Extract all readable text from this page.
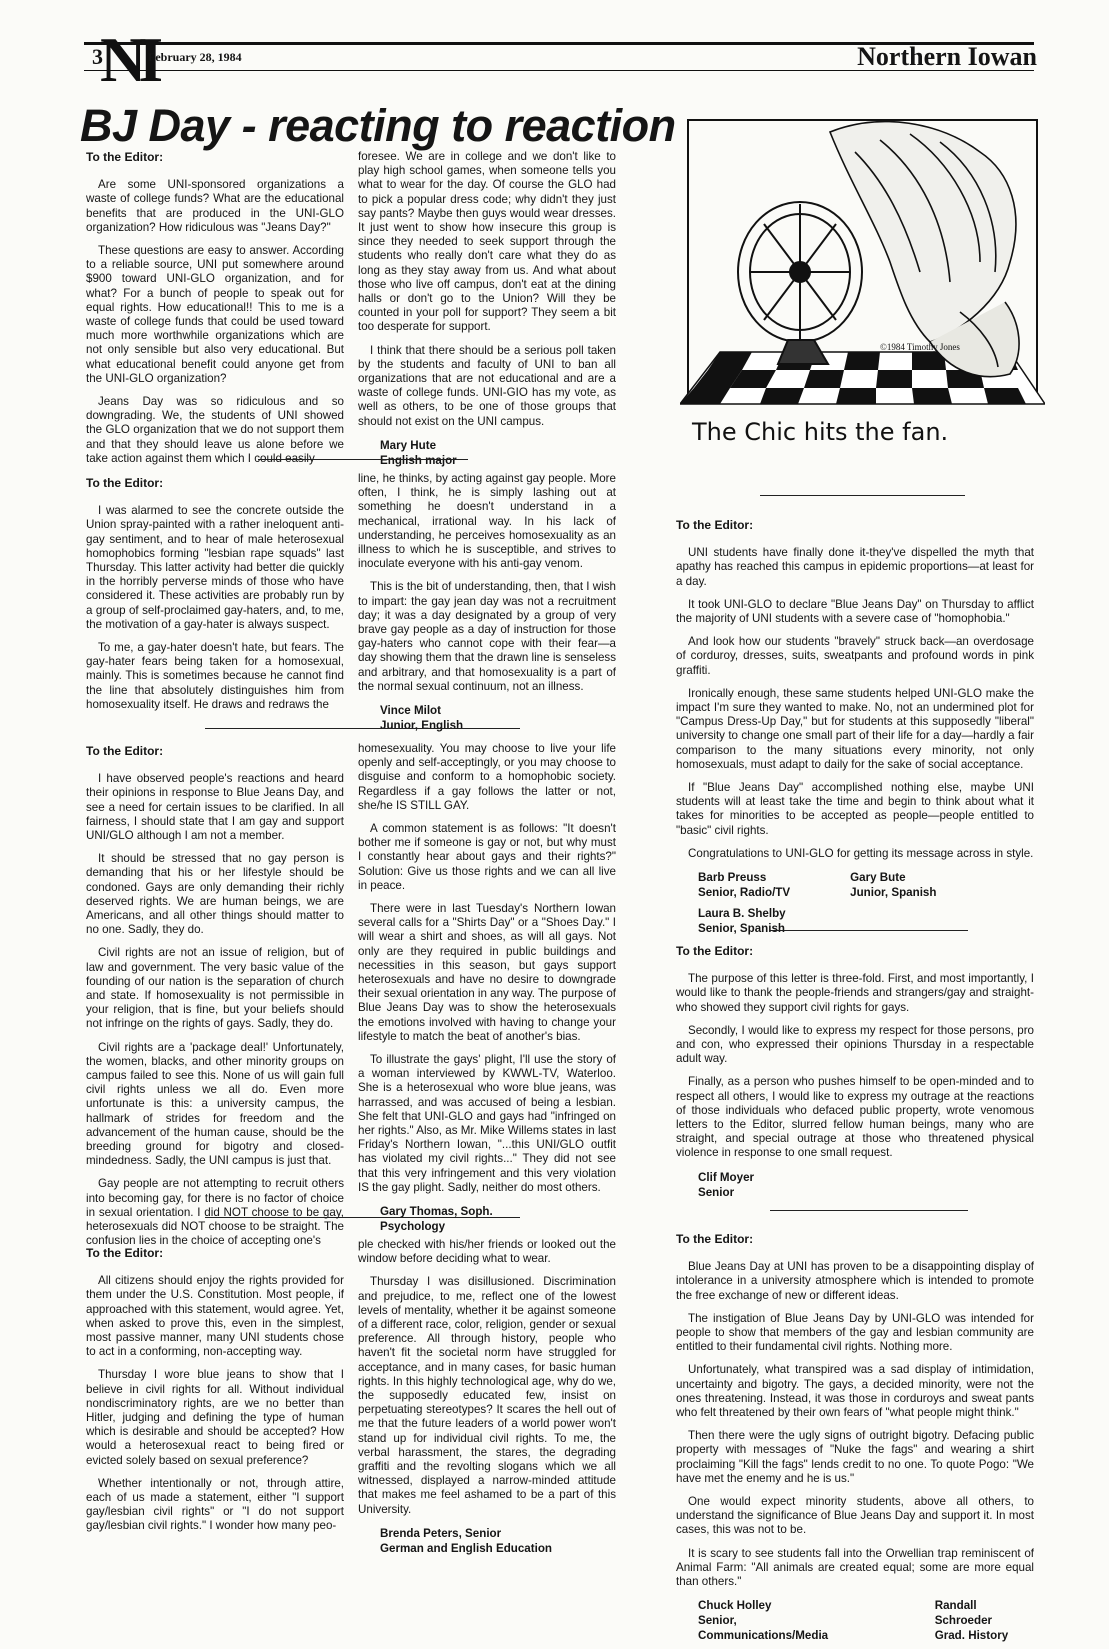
NI
3	February 28, 1984	Northern Iowan
BJ Day - reacting to reaction
©1984 Timothy Jones
The Chic hits the fan.
To the Editor:

Are some UNI-sponsored organizations a waste of college funds? What are the educational benefits that are produced in the UNI-GLO organization? How ridiculous was "Jeans Day?"

These questions are easy to answer. According to a reliable source, UNI put somewhere around $900 toward UNI-GLO organization, and for what? For a bunch of people to speak out for equal rights. How educational!! This to me is a waste of college funds that could be used toward much more worthwhile organizations which are not only sensible but also very educational. But what educational benefit could anyone get from the UNI-GLO organization?

Jeans Day was so ridiculous and so downgrading. We, the students of UNI showed the GLO organization that we do not support them and that they should leave us alone before we take action against them which I could easily

foresee. We are in college and we don't like to play high school games, when someone tells you what to wear for the day. Of course the GLO had to pick a popular dress code; why didn't they just say pants? Maybe then guys would wear dresses. It just went to show how insecure this group is since they needed to seek support through the students who really don't care what they do as long as they stay away from us. And what about those who live off campus, don't eat at the dining halls or don't go to the Union? Will they be counted in your poll for support? They seem a bit too desperate for support.

I think that there should be a serious poll taken by the students and faculty of UNI to ban all organizations that are not educational and are a waste of college funds. UNI-GIO has my vote, as well as others, to be one of those groups that should not exist on the UNI campus.

Mary Hute
English major
To the Editor:

I was alarmed to see the concrete outside the Union spray-painted with a rather ineloquent anti-gay sentiment, and to hear of male heterosexual homophobics forming "lesbian rape squads" last Thursday. This latter activity had better die quickly in the horribly perverse minds of those who have considered it. These activities are probably run by a group of self-proclaimed gay-haters, and, to me, the motivation of a gay-hater is always suspect.

To me, a gay-hater doesn't hate, but fears. The gay-hater fears being taken for a homosexual, mainly. This is sometimes because he cannot find the line that absolutely distinguishes him from homosexuality itself. He draws and redraws the

line, he thinks, by acting against gay people. More often, I think, he is simply lashing out at something he doesn't understand in a mechanical, irrational way. In his lack of understanding, he perceives homosexuality as an illness to which he is susceptible, and strives to inoculate everyone with his anti-gay venom.

This is the bit of understanding, then, that I wish to impart: the gay jean day was not a recruitment day; it was a day designated by a group of very brave gay people as a day of instruction for those gay-haters who cannot cope with their fear—a day showing them that the drawn line is senseless and arbitrary, and that homosexuality is a part of the normal sexual continuum, not an illness.

Vince Milot
Junior, English
To the Editor:

I have observed people's reactions and heard their opinions in response to Blue Jeans Day, and see a need for certain issues to be clarified. In all fairness, I should state that I am gay and support UNI/GLO although I am not a member.

It should be stressed that no gay person is demanding that his or her lifestyle should be condoned. Gays are only demanding their richly deserved rights. We are human beings, we are Americans, and all other things should matter to no one. Sadly, they do.

Civil rights are not an issue of religion, but of law and government. The very basic value of the founding of our nation is the separation of church and state. If homosexuality is not permissible in your religion, that is fine, but your beliefs should not infringe on the rights of gays. Sadly, they do.

Civil rights are a 'package deal!' Unfortunately, the women, blacks, and other minority groups on campus failed to see this. None of us will gain full civil rights unless we all do. Even more unfortunate is this: a university campus, the hallmark of strides for freedom and the advancement of the human cause, should be the breeding ground for bigotry and closed-mindedness. Sadly, the UNI campus is just that.

Gay people are not attempting to recruit others into becoming gay, for there is no factor of choice in sexual orientation. I did NOT choose to be gay, heterosexuals did NOT choose to be straight. The confusion lies in the choice of accepting one's

homesexuality. You may choose to live your life openly and self-acceptingly, or you may choose to disguise and conform to a homophobic society. Regardless if a gay follows the latter or not, she/he IS STILL GAY.

A common statement is as follows: "It doesn't bother me if someone is gay or not, but why must I constantly hear about gays and their rights?" Solution: Give us those rights and we can all live in peace.

There were in last Tuesday's Northern Iowan several calls for a "Shirts Day" or a "Shoes Day." I will wear a shirt and shoes, as will all gays. Not only are they required in public buildings and necessities in this season, but gays support heterosexuals and have no desire to downgrade their sexual orientation in any way. The purpose of Blue Jeans Day was to show the heterosexuals the emotions involved with having to change your lifestyle to match the beat of another's bias.

To illustrate the gays' plight, I'll use the story of a woman interviewed by KWWL-TV, Waterloo. She is a heterosexual who wore blue jeans, was harrassed, and was accused of being a lesbian. She felt that UNI-GLO and gays had "infringed on her rights." Also, as Mr. Mike Willems states in last Friday's Northern Iowan, "...this UNI/GLO outfit has violated my civil rights..." They did not see that this very infringement and this very violation IS the gay plight. Sadly, neither do most others.

Gary Thomas, Soph.
Psychology
To the Editor:

All citizens should enjoy the rights provided for them under the U.S. Constitution. Most people, if approached with this statement, would agree. Yet, when asked to prove this, even in the simplest, most passive manner, many UNI students chose to act in a conforming, non-accepting way.

Thursday I wore blue jeans to show that I believe in civil rights for all. Without individual nondiscriminatory rights, are we no better than Hitler, judging and defining the type of human which is desirable and should be accepted? How would a heterosexual react to being fired or evicted solely based on sexual preference?

Whether intentionally or not, through attire, each of us made a statement, either "I support gay/lesbian civil rights" or "I do not support gay/lesbian civil rights." I wonder how many peo-

ple checked with his/her friends or looked out the window before deciding what to wear.

Thursday I was disillusioned. Discrimination and prejudice, to me, reflect one of the lowest levels of mentality, whether it be against someone of a different race, color, religion, gender or sexual preference. All through history, people who haven't fit the societal norm have struggled for acceptance, and in many cases, for basic human rights. In this highly technological age, why do we, the supposedly educated few, insist on perpetuating stereotypes? It scares the hell out of me that the future leaders of a world power won't stand up for individual civil rights. To me, the verbal harassment, the stares, the degrading graffiti and the revolting slogans which we all witnessed, displayed a narrow-minded attitude that makes me feel ashamed to be a part of this University.

Brenda Peters, Senior
German and English Education
To the Editor:

UNI students have finally done it-they've dispelled the myth that apathy has reached this campus in epidemic proportions—at least for a day.

It took UNI-GLO to declare "Blue Jeans Day" on Thursday to afflict the majority of UNI students with a severe case of "homophobia."

And look how our students "bravely" struck back—an overdosage of corduroy, dresses, suits, sweatpants and profound words in pink graffiti.

Ironically enough, these same students helped UNI-GLO make the impact I'm sure they wanted to make. No, not an undermined plot for "Campus Dress-Up Day," but for students at this supposedly "liberal" university to change one small part of their life for a day—hardly a fair comparison to the many situations every minority, not only homosexuals, must adapt to daily for the sake of social acceptance.

If "Blue Jeans Day" accomplished nothing else, maybe UNI students will at least take the time and begin to think about what it takes for minorities to be accepted as people—people entitled to "basic" civil rights.

Congratulations to UNI-GLO for getting its message across in style.

Barb Preuss
Senior, Radio/TV
Gary Bute
Junior, Spanish
Laura B. Shelby
Senior, Spanish
To the Editor:

The purpose of this letter is three-fold. First, and most importantly, I would like to thank the people-friends and strangers/gay and straight-who showed they support civil rights for gays.

Secondly, I would like to express my respect for those persons, pro and con, who expressed their opinions Thursday in a respectable adult way.

Finally, as a person who pushes himself to be open-minded and to respect all others, I would like to express my outrage at the reactions of those individuals who defaced public property, wrote venomous letters to the Editor, slurred fellow human beings, many who are straight, and special outrage at those who threatened physical violence in response to one small request.

Clif Moyer
Senior
To the Editor:

Blue Jeans Day at UNI has proven to be a disappointing display of intolerance in a university atmosphere which is intended to promote the free exchange of new or different ideas.

The instigation of Blue Jeans Day by UNI-GLO was intended for people to show that members of the gay and lesbian community are entitled to their fundamental civil rights. Nothing more.

Unfortunately, what transpired was a sad display of intimidation, uncertainty and bigotry. The gays, a decided minority, were not the ones threatening. Instead, it was those in corduroys and sweat pants who felt threatened by their own fears of "what people might think."

Then there were the ugly signs of outright bigotry. Defacing public property with messages of "Nuke the fags" and wearing a shirt proclaiming "Kill the fags" lends credit to no one. To quote Pogo: "We have met the enemy and he is us."

One would expect minority students, above all others, to understand the significance of Blue Jeans Day and support it. In most cases, this was not to be.

It is scary to see students fall into the Orwellian trap reminiscent of Animal Farm: "All animals are created equal; some are more equal than others."

Chuck Holley
Senior, Communications/Media
Randall Schroeder
Grad. History
